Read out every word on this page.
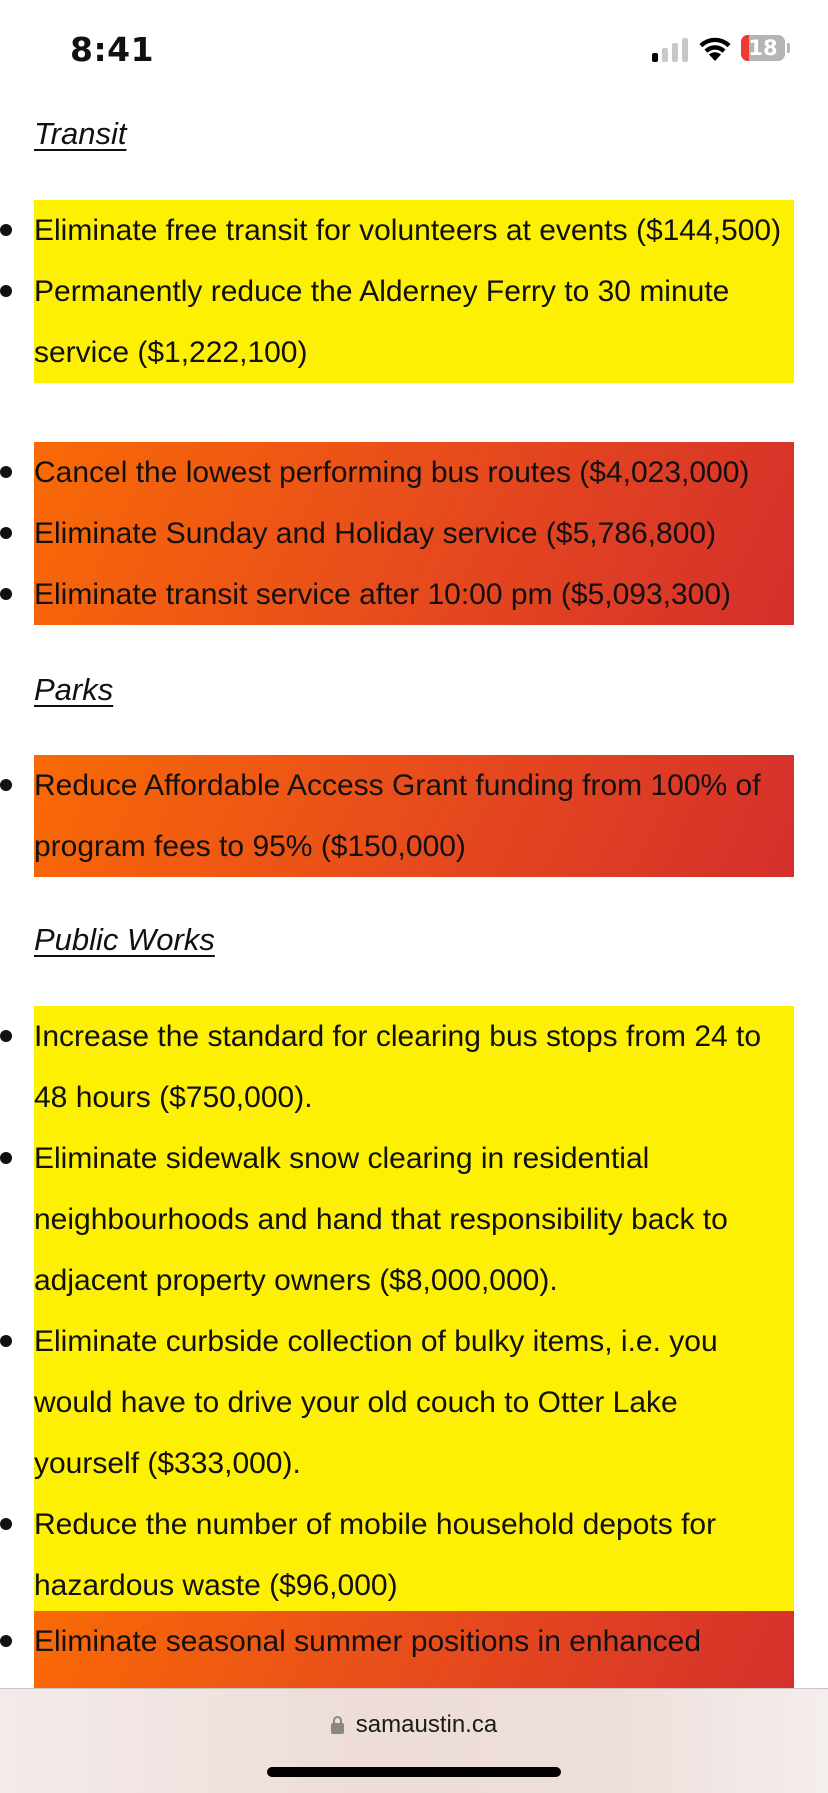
8:41	18
Transit
Eliminate free transit for volunteers at events ($144,500)
Permanently reduce the Alderney Ferry to 30 minute service ($1,222,100)
Cancel the lowest performing bus routes ($4,023,000)
Eliminate Sunday and Holiday service ($5,786,800)
Eliminate transit service after 10:00 pm ($5,093,300)
Parks
Reduce Affordable Access Grant funding from 100% of program fees to 95% ($150,000)
Public Works
Increase the standard for clearing bus stops from 24 to 48 hours ($750,000).
Eliminate sidewalk snow clearing in residential neighbourhoods and hand that responsibility back to adjacent property owners ($8,000,000).
Eliminate curbside collection of bulky items, i.e. you would have to drive your old couch to Otter Lake yourself ($333,000).
Reduce the number of mobile household depots for hazardous waste ($96,000)
Eliminate seasonal summer positions in enhanced
samaustin.ca
